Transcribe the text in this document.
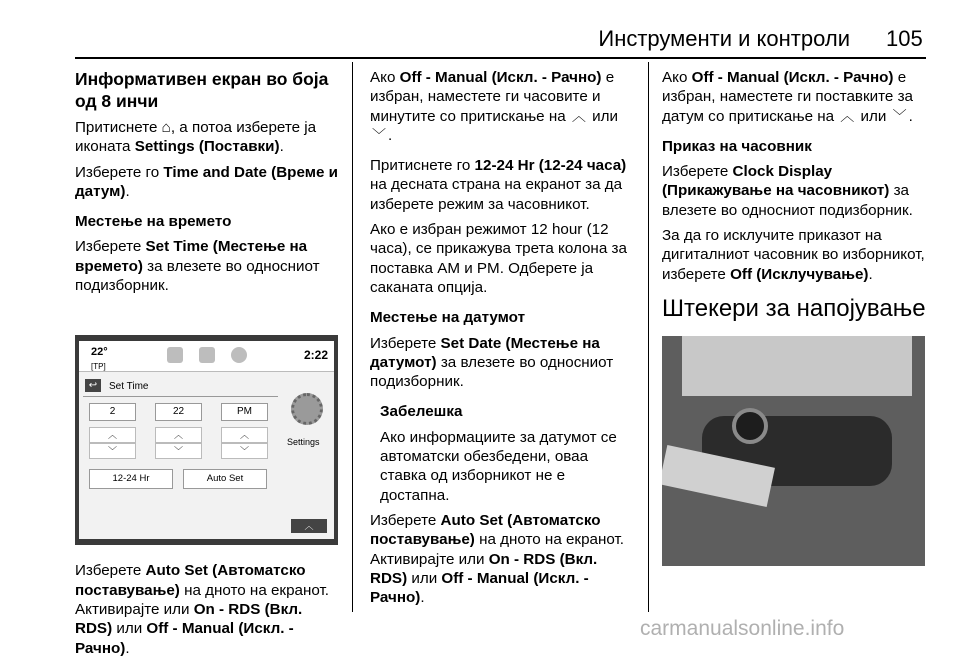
Инструменти и контроли 105
Информативен екран во боја од 8 инчи

Притиснете ⌂, а потоа изберете ја иконата Settings (Поставки).

Изберете го Time and Date (Време и датум).

Местење на времето

Изберете Set Time (Местење на времето) за влезете во односниот подизборник.

22°
[TP]
2:22
↩	Set Time
2	22	PM
︿
﹀
︿
﹀
︿
﹀
12-24 Hr	Auto Set
Settings
︿

Изберете Auto Set (Автоматско поставување) на дното на екранот. Активирајте или On - RDS (Вкл. RDS) или Off - Manual (Искл. - Рачно).

Ако Off - Manual (Искл. - Рачно) е избран, наместете ги часовите и минутите со притискање на ︿ или ﹀ .

Притиснете го 12-24 Hr (12-24 часа) на десната страна на екранот за да изберете режим за часовникот.

Ако е избран режимот 12 hour (12 часа), се прикажува трета колона за поставка AM и PM. Одберете ја саканата опција.

Местење на датумот

Изберете Set Date (Местење на датумот) за влезете во односниот подизборник.

Забелешка

Ако информациите за датумот се автоматски обезбедени, оваа ставка од изборникот не е достапна.

Изберете Auto Set (Автоматско поставување) на дното на екранот. Активирајте или On - RDS (Вкл. RDS) или Off - Manual (Искл. - Рачно).

Ако Off - Manual (Искл. - Рачно) е избран, наместете ги поставките за датум со притискање на ︿ или ﹀ .

Приказ на часовник

Изберете Clock Display (Прикажување на часовникот) за влезете во односниот подизборник.

За да го исклучите приказот на дигиталниот часовник во изборникот, изберете Off (Исклучување).

Штекери за напојување
carmanualsonline.info
